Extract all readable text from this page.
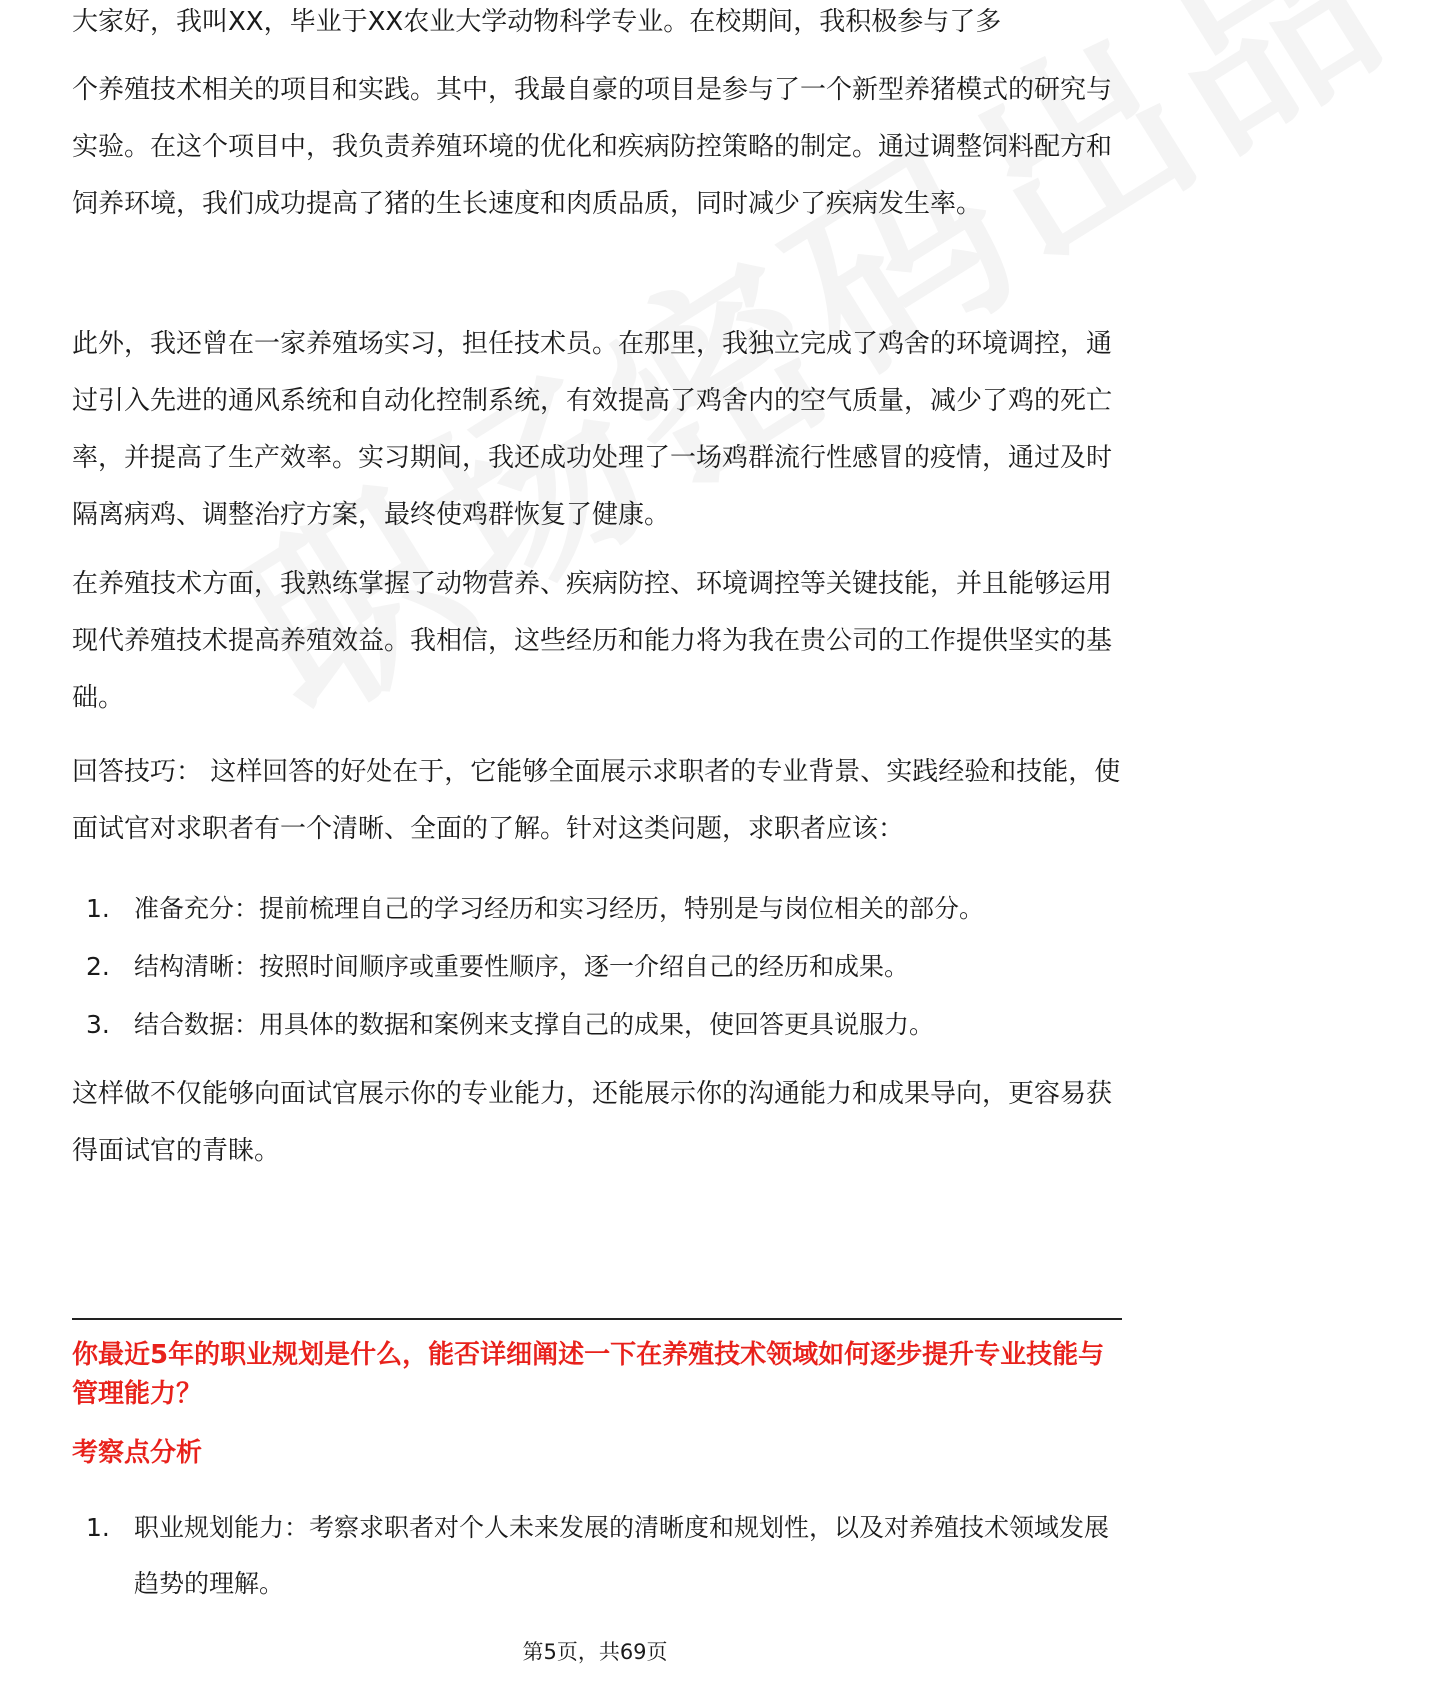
大家好，我叫XX，毕业于XX农业大学动物科学专业。在校期间，我积极参与了多

个养殖技术相关的项目和实践。其中，我最自豪的项目是参与了一个新型养猪模式的研究与实验。在这个项目中，我负责养殖环境的优化和疾病防控策略的制定。通过调整饲料配方和饲养环境，我们成功提高了猪的生长速度和肉质品质，同时减少了疾病发生率。

此外，我还曾在一家养殖场实习，担任技术员。在那里，我独立完成了鸡舍的环境调控，通过引入先进的通风系统和自动化控制系统，有效提高了鸡舍内的空气质量，减少了鸡的死亡率，并提高了生产效率。实习期间，我还成功处理了一场鸡群流行性感冒的疫情，通过及时隔离病鸡、调整治疗方案，最终使鸡群恢复了健康。

在养殖技术方面，我熟练掌握了动物营养、疾病防控、环境调控等关键技能，并且能够运用现代养殖技术提高养殖效益。我相信，这些经历和能力将为我在贵公司的工作提供坚实的基础。

回答技巧： 这样回答的好处在于，它能够全面展示求职者的专业背景、实践经验和技能，使面试官对求职者有一个清晰、全面的了解。针对这类问题，求职者应该：

1. 准备充分：提前梳理自己的学习经历和实习经历，特别是与岗位相关的部分。
2. 结构清晰：按照时间顺序或重要性顺序，逐一介绍自己的经历和成果。
3. 结合数据：用具体的数据和案例来支撑自己的成果，使回答更具说服力。

这样做不仅能够向面试官展示你的专业能力，还能展示你的沟通能力和成果导向，更容易获得面试官的青睐。

你最近5年的职业规划是什么，能否详细阐述一下在养殖技术领域如何逐步提升专业技能与管理能力？
考察点分析
1. 职业规划能力：考察求职者对个人未来发展的清晰度和规划性，以及对养殖技术领域发展趋势的理解。
第5页，共69页
